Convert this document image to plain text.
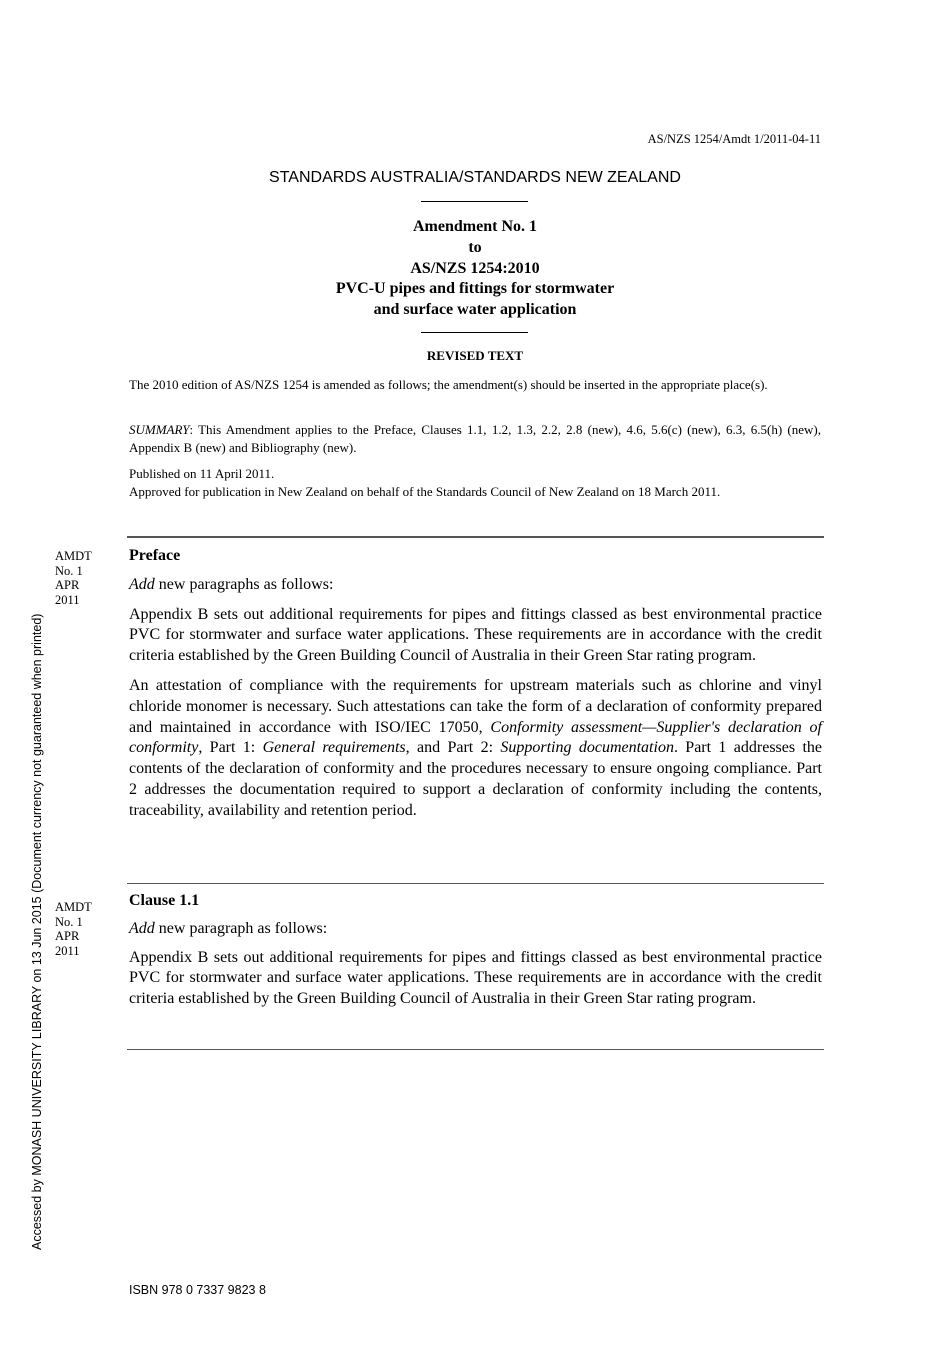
AS/NZS 1254/Amdt 1/2011-04-11
STANDARDS AUSTRALIA/STANDARDS NEW ZEALAND
Amendment No. 1
to
AS/NZS 1254:2010
PVC-U pipes and fittings for stormwater
and surface water application
REVISED TEXT

The 2010 edition of AS/NZS 1254 is amended as follows; the amendment(s) should be inserted in the appropriate place(s).

SUMMARY: This Amendment applies to the Preface, Clauses 1.1, 1.2, 1.3, 2.2, 2.8 (new), 4.6, 5.6(c) (new), 6.3, 6.5(h) (new), Appendix B (new) and Bibliography (new).

Published on 11 April 2011.

Approved for publication in New Zealand on behalf of the Standards Council of New Zealand on 18 March 2011.

AMDT
No. 1
APR
2011

Preface

Add new paragraphs as follows:

Appendix B sets out additional requirements for pipes and fittings classed as best environmental practice PVC for stormwater and surface water applications. These requirements are in accordance with the credit criteria established by the Green Building Council of Australia in their Green Star rating program.

An attestation of compliance with the requirements for upstream materials such as chlorine and vinyl chloride monomer is necessary. Such attestations can take the form of a declaration of conformity prepared and maintained in accordance with ISO/IEC 17050, Conformity assessment—Supplier's declaration of conformity, Part 1: General requirements, and Part 2: Supporting documentation. Part 1 addresses the contents of the declaration of conformity and the procedures necessary to ensure ongoing compliance. Part 2 addresses the documentation required to support a declaration of conformity including the contents, traceability, availability and retention period.

AMDT
No. 1
APR
2011

Clause 1.1

Add new paragraph as follows:

Appendix B sets out additional requirements for pipes and fittings classed as best environmental practice PVC for stormwater and surface water applications. These requirements are in accordance with the credit criteria established by the Green Building Council of Australia in their Green Star rating program.

Accessed by MONASH UNIVERSITY LIBRARY on 13 Jun 2015 (Document currency not guaranteed when printed)
ISBN 978 0 7337 9823 8
